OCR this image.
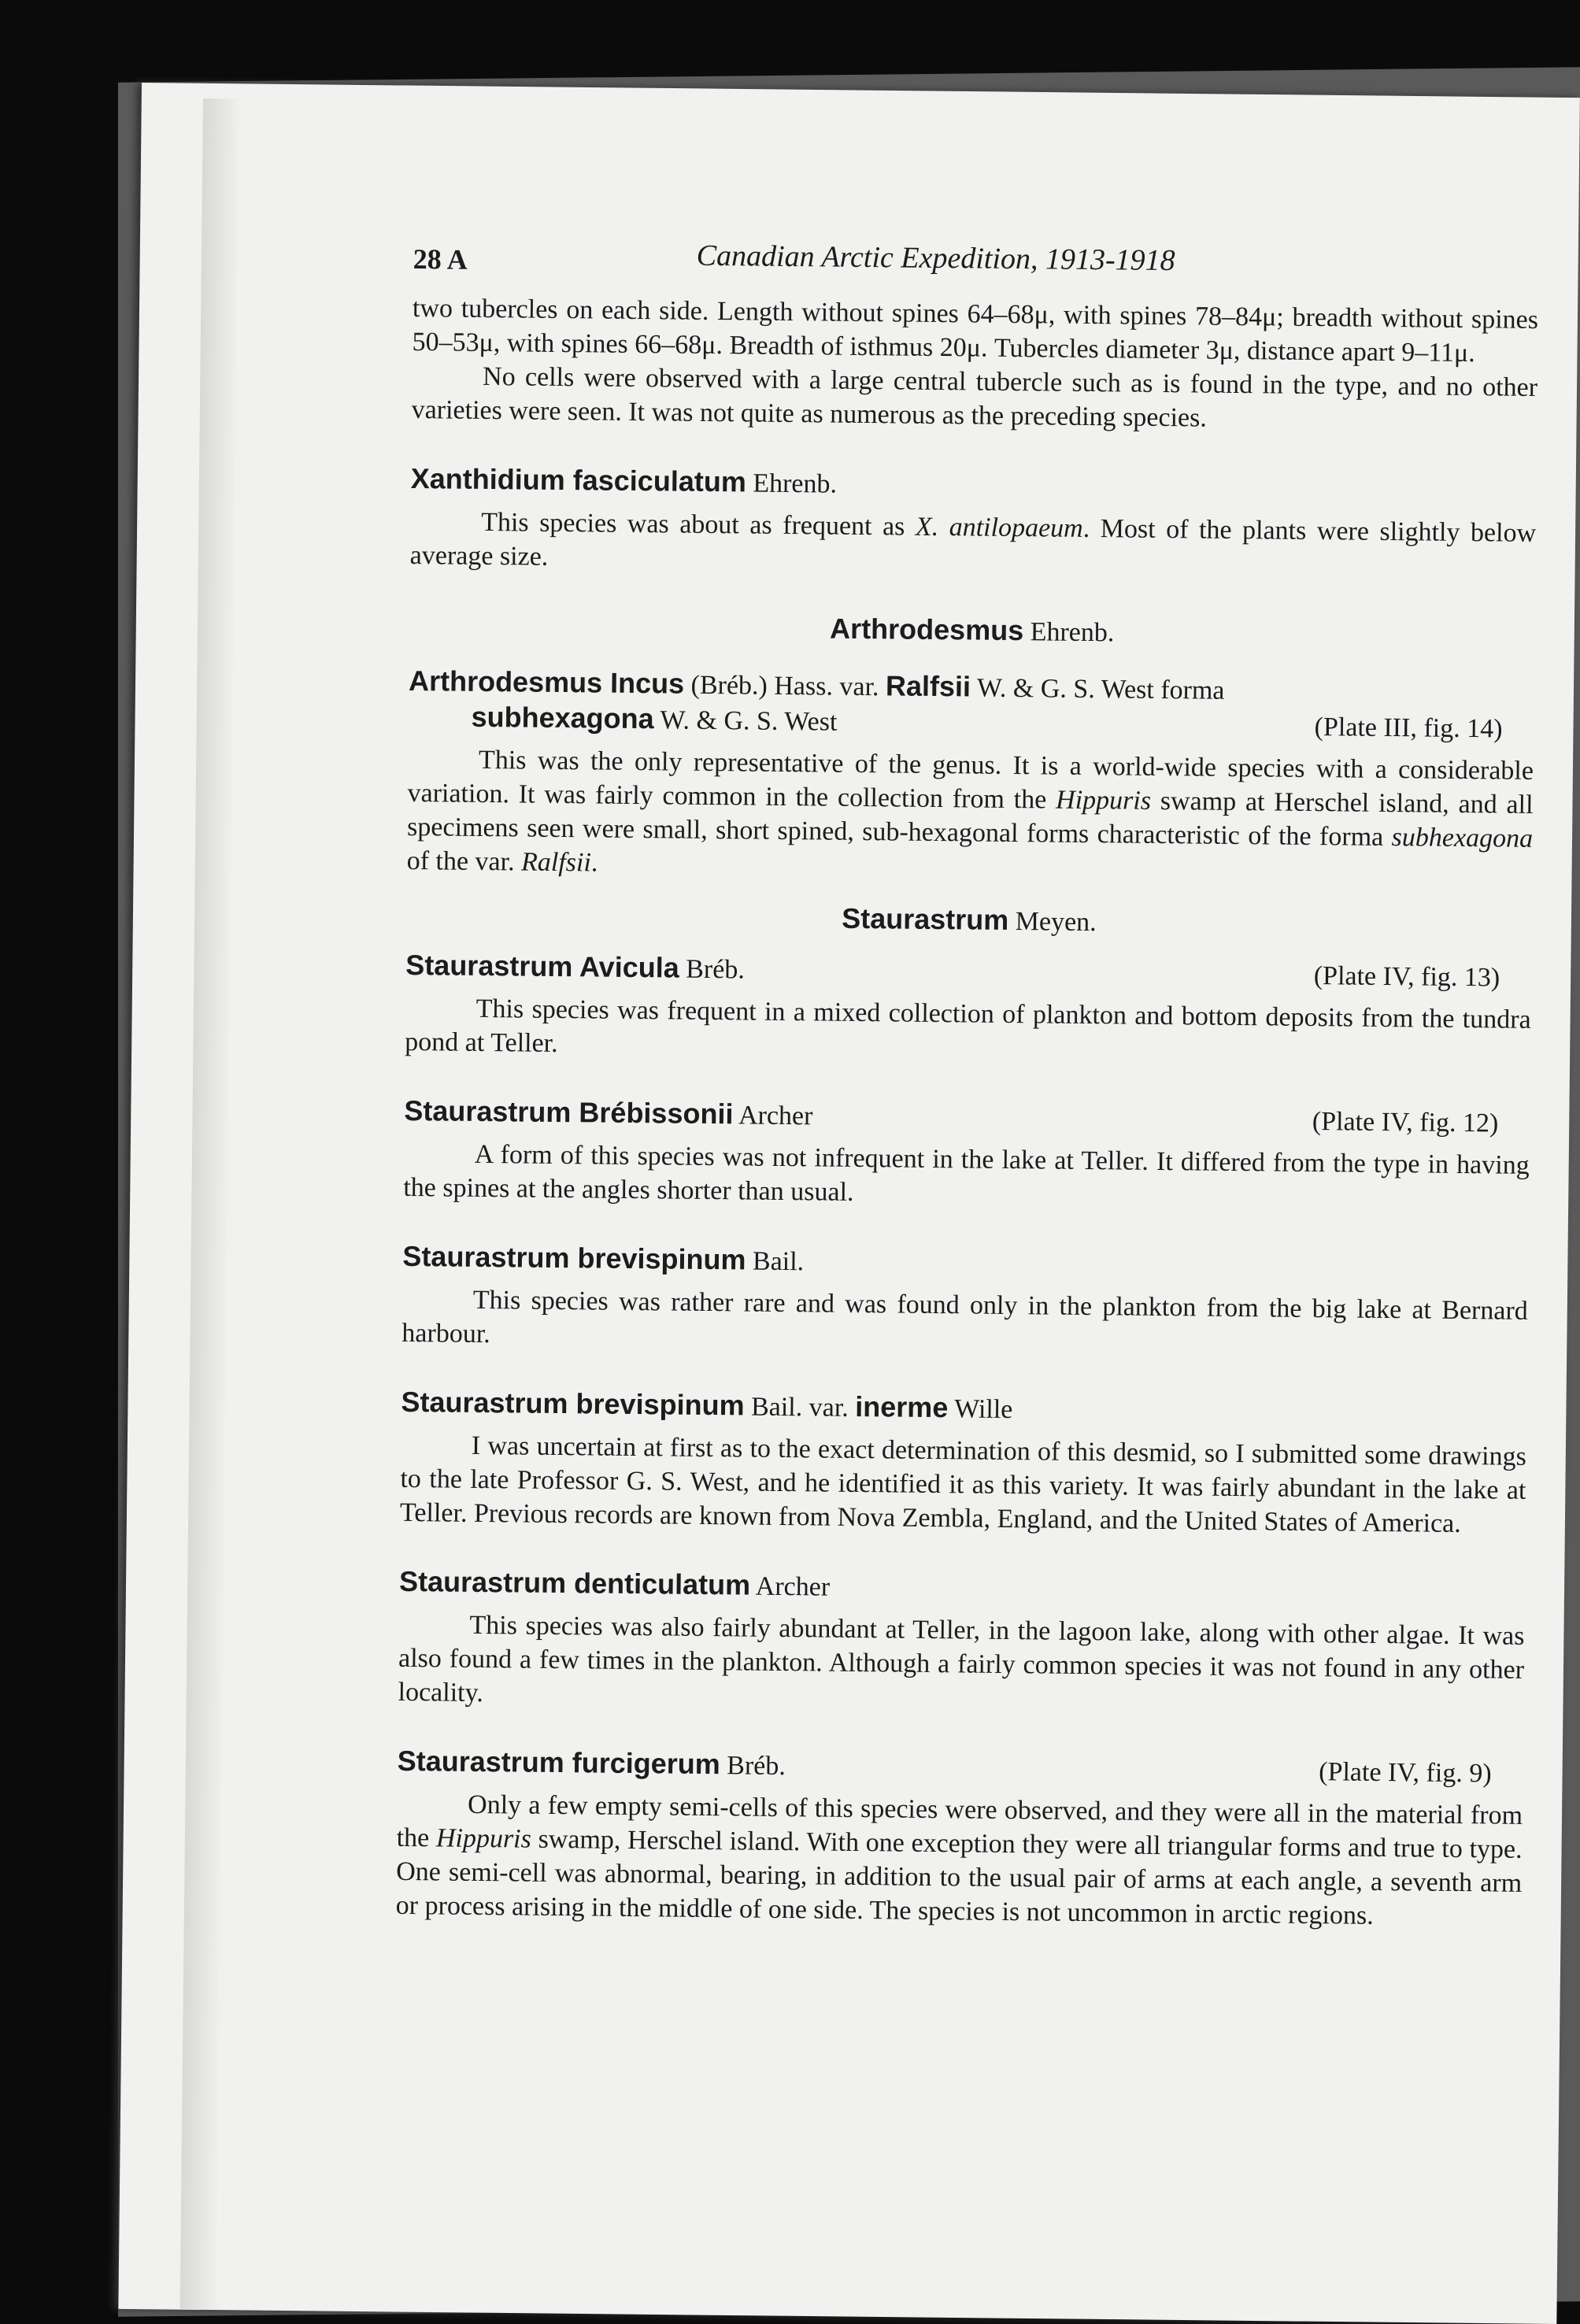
28 A	Canadian Arctic Expedition, 1913-1918

two tubercles on each side. Length without spines 64–68μ, with spines 78–84μ; breadth without spines 50–53μ, with spines 66–68μ. Breadth of isthmus 20μ. Tubercles diameter 3μ, distance apart 9–11μ.

No cells were observed with a large central tubercle such as is found in the type, and no other varieties were seen. It was not quite as numerous as the preceding species.

Xanthidium fasciculatum Ehrenb.

This species was about as frequent as X. antilopaeum. Most of the plants were slightly below average size.

Arthrodesmus Ehrenb.
Arthrodesmus Incus (Bréb.) Hass. var. Ralfsii W. & G. S. West forma
subhexagona W. & G. S. West	(Plate III, fig. 14)

This was the only representative of the genus. It is a world-wide species with a considerable variation. It was fairly common in the collection from the Hippuris swamp at Herschel island, and all specimens seen were small, short spined, sub-hexagonal forms characteristic of the forma subhexagona of the var. Ralfsii.

Staurastrum Meyen.
Staurastrum Avicula Bréb.	(Plate IV, fig. 13)

This species was frequent in a mixed collection of plankton and bottom deposits from the tundra pond at Teller.

Staurastrum Brébissonii Archer	(Plate IV, fig. 12)

A form of this species was not infrequent in the lake at Teller. It differed from the type in having the spines at the angles shorter than usual.

Staurastrum brevispinum Bail.

This species was rather rare and was found only in the plankton from the big lake at Bernard harbour.

Staurastrum brevispinum Bail. var. inerme Wille

I was uncertain at first as to the exact determination of this desmid, so I submitted some drawings to the late Professor G. S. West, and he identified it as this variety. It was fairly abundant in the lake at Teller. Previous records are known from Nova Zembla, England, and the United States of America.

Staurastrum denticulatum Archer

This species was also fairly abundant at Teller, in the lagoon lake, along with other algae. It was also found a few times in the plankton. Although a fairly common species it was not found in any other locality.

Staurastrum furcigerum Bréb.	(Plate IV, fig. 9)

Only a few empty semi-cells of this species were observed, and they were all in the material from the Hippuris swamp, Herschel island. With one exception they were all triangular forms and true to type. One semi-cell was abnormal, bearing, in addition to the usual pair of arms at each angle, a seventh arm or process arising in the middle of one side. The species is not uncommon in arctic regions.
